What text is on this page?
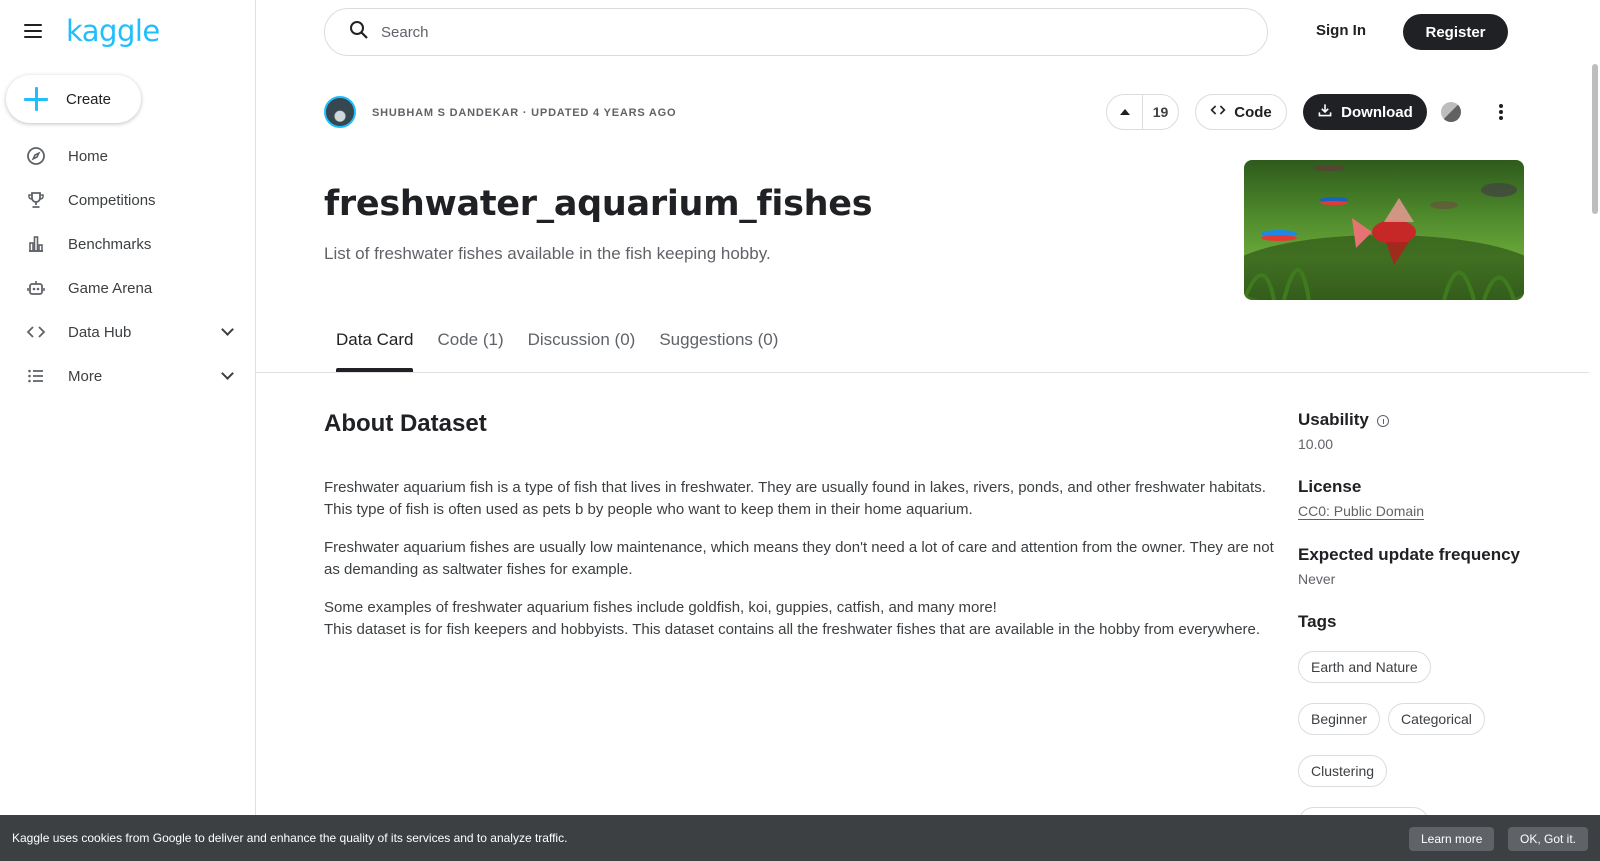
kaggle
Create
Home
Competitions
Benchmarks
Game Arena
Data Hub
More
Search	Sign In	Register
SHUBHAM S DANDEKAR · UPDATED 4 YEARS AGO	19	Code	Download
freshwater_aquarium_fishes
List of freshwater fishes available in the fish keeping hobby.
Data Card	Code (1)	Discussion (0)	Suggestions (0)
About Dataset

Freshwater aquarium fish is a type of fish that lives in freshwater. They are usually found in lakes, rivers, ponds, and other freshwater habitats. This type of fish is often used as pets b by people who want to keep them in their home aquarium.

Freshwater aquarium fishes are usually low maintenance, which means they don't need a lot of care and attention from the owner. They are not as demanding as saltwater fishes for example.

Some examples of freshwater aquarium fishes include goldfish, koi, guppies, catfish, and many more!
This dataset is for fish keepers and hobbyists. This dataset contains all the freshwater fishes that are available in the hobby from everywhere.
Usability
10.00
License
CC0: Public Domain
Expected update frequency
Never
Tags
Earth and Nature
Beginner	Categorical
Clustering
Kaggle uses cookies from Google to deliver and enhance the quality of its services and to analyze traffic.	Learn more	OK, Got it.
